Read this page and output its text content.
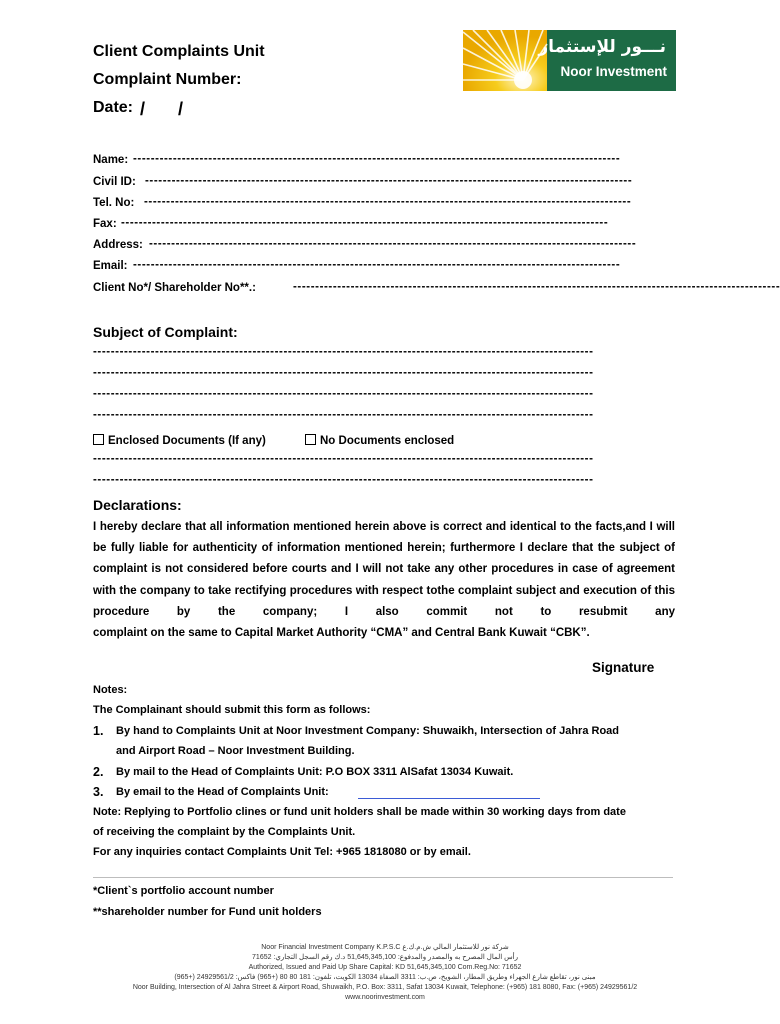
Client Complaints Unit
Complaint Number:
Date: / /
نـــور للإستثمار
Noor Investment
Name: --------------------------------------------------------------------------------------------------------------
Civil ID: --------------------------------------------------------------------------------------------------------------
Tel. No: --------------------------------------------------------------------------------------------------------------
Fax: --------------------------------------------------------------------------------------------------------------
Address: --------------------------------------------------------------------------------------------------------------
Email: --------------------------------------------------------------------------------------------------------------
Client No*/ Shareholder No**.:	--------------------------------------------------------------------------------------------------------------
Subject of Complaint:
-----------------------------------------------------------------------------------------------------------------
-----------------------------------------------------------------------------------------------------------------
-----------------------------------------------------------------------------------------------------------------
-----------------------------------------------------------------------------------------------------------------
Enclosed Documents (If any)	No Documents enclosed
-----------------------------------------------------------------------------------------------------------------
-----------------------------------------------------------------------------------------------------------------
Declarations:
I hereby declare that all information mentioned herein above is correct and identical to the facts,and I will be fully liable for authenticity of information mentioned herein; furthermore I declare that the subject of complaint is not considered before courts and I will not take any other procedures in case of agreement with the company to take rectifying procedures with respect tothe complaint subject and execution of this procedure by the company; I also commit not to resubmit any
complaint on the same to Capital Market Authority “CMA” and Central Bank Kuwait “CBK”.
Signature
Notes:
The Complainant should submit this form as follows:
1. By hand to Complaints Unit at Noor Investment Company: Shuwaikh, Intersection of Jahra Road
and Airport Road – Noor Investment Building.
2. By mail to the Head of Complaints Unit: P.O BOX 3311 AlSafat 13034 Kuwait.
3. By email to the Head of Complaints Unit:
Note: Replying to Portfolio clines or fund unit holders shall be made within 30 working days from date
of receiving the complaint by the Complaints Unit.
For any inquiries contact Complaints Unit Tel: +965 1818080 or by email.
*Client`s portfolio account number
**shareholder number for Fund unit holders
Noor Financial Investment Company K.P.S.C شركة نور للاستثمار المالي ش.م.ك.ع
رأس المال المصرح به والمصدر والمدفوع: 51,645,345,100 د.ك رقم السجل التجاري: 71652
Authorized, Issued and Paid Up Share Capital: KD 51,645,345,100 Com.Reg.No: 71652
مبنى نور، تقاطع شارع الجهراء وطريق المطار، الشويخ، ص.ب: 3311 الصفاة 13034 الكويت، تلفون: 181 80 80 (+965) فاكس: 24929561/2 (+965)
Noor Building, Intersection of Al Jahra Street & Airport Road, Shuwaikh, P.O. Box: 3311, Safat 13034 Kuwait, Telephone: (+965) 181 8080, Fax: (+965) 24929561/2
www.noorinvestment.com
